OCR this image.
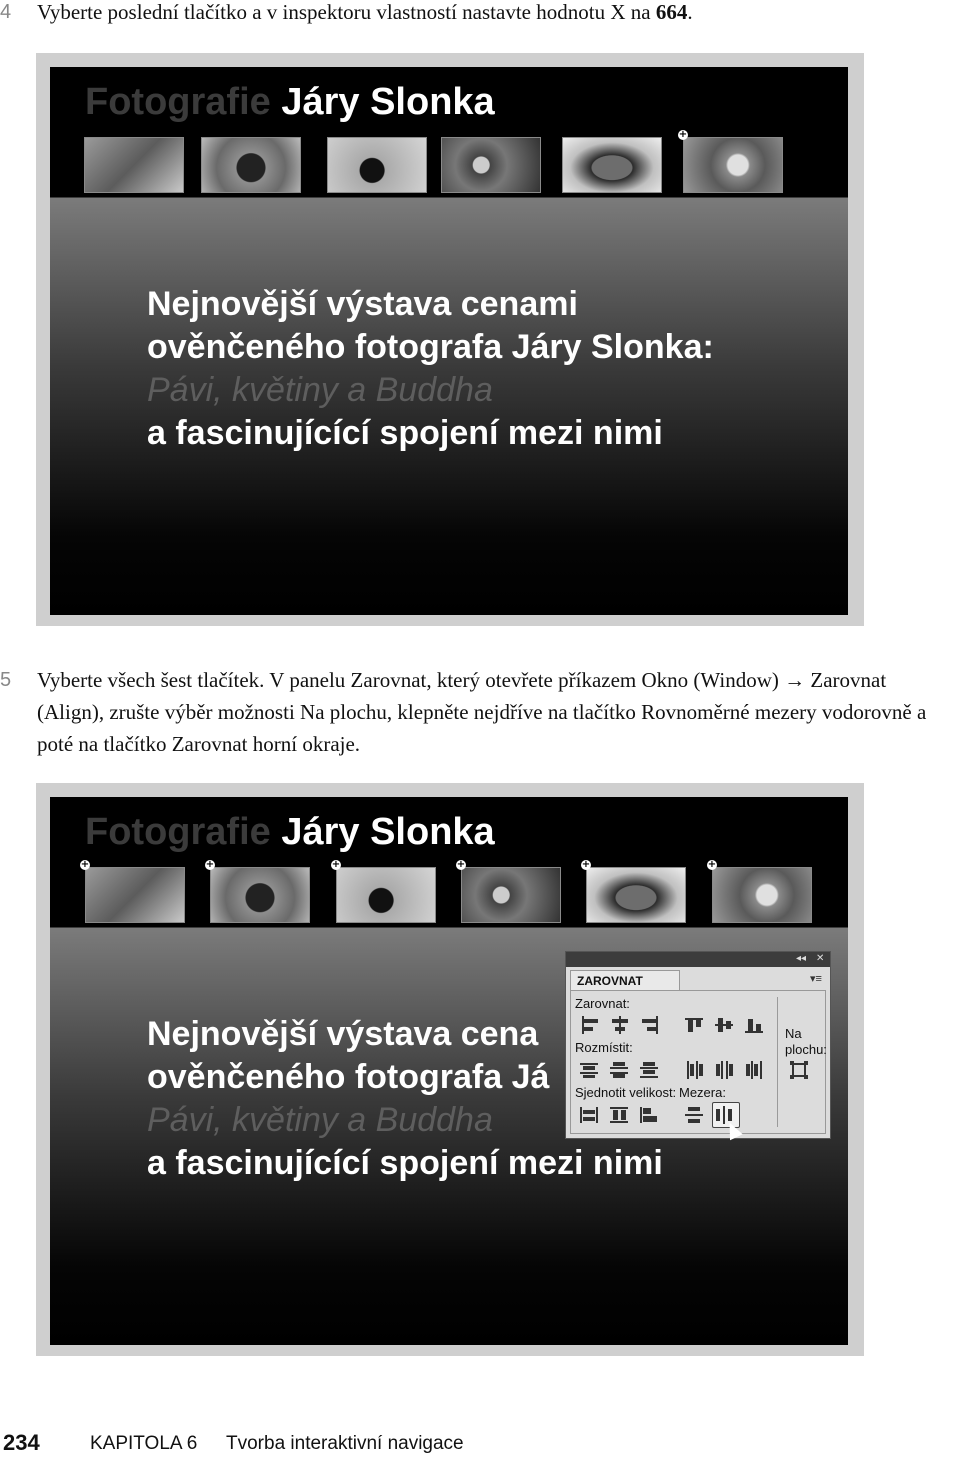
4	Vyberte poslední tlačítko a v inspektoru vlastností nastavte hodnotu X na 664.
Fotografie Járy Slonka
+
Nejnovější výstava cenami
ověnčeného fotografa Járy Slonka:
Pávi, květiny a Buddha
a fascinujícící spojení mezi nimi
5	Vyberte všech šest tlačítek. V panelu Zarovnat, který otevřete příkazem Okno (Window) → Zarovnat (Align), zrušte výběr možnosti Na plochu, klepněte nejdříve na tlačítko Rovnoměrné mezery vodorovně a poté na tlačítko Zarovnat horní okraje.
Fotografie Járy Slonka
+	+	+	+	+	+
Nejnovější výstava cena
ověnčeného fotografa Já
Pávi, květiny a Buddha
a fascinujícící spojení mezi nimi
◂◂ ✕
ZAROVNAT	▾≡
Zarovnat:
Rozmístit:
Sjednotit velikost: Mezera:
Na
plochu:
234	KAPITOLA 6 Tvorba interaktivní navigace
